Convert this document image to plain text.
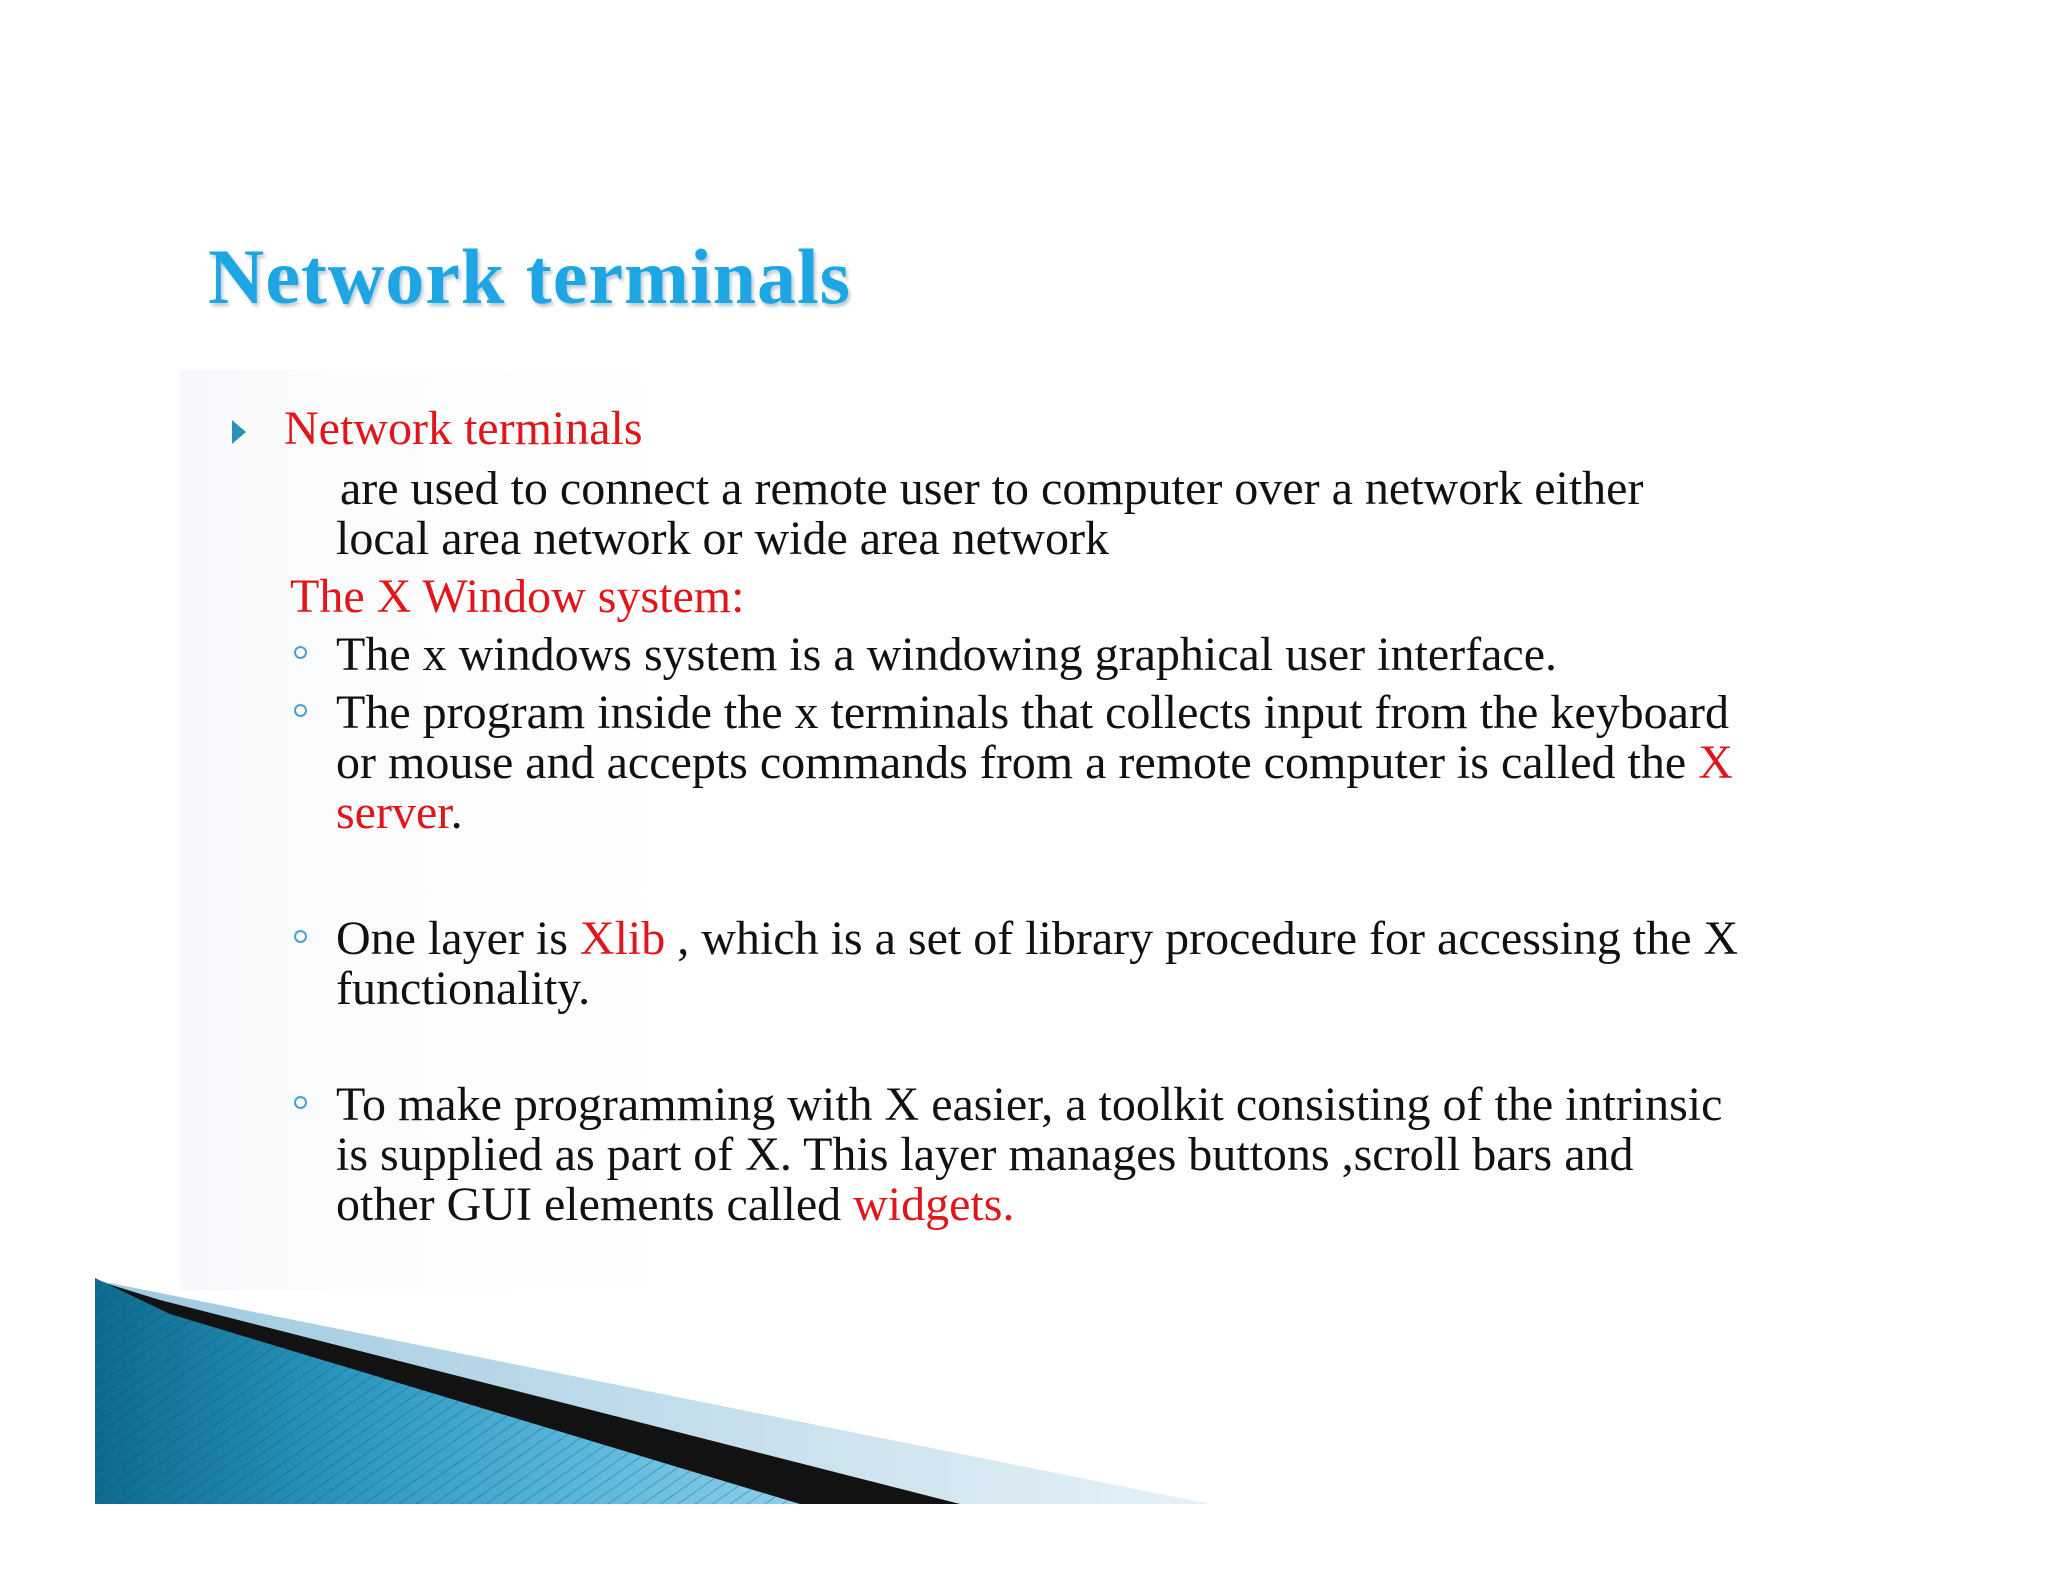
Network terminals

Network terminals

are used to connect a remote user to computer over a network either

local area network or wide area network

The X Window system:

The x windows system is a windowing graphical user interface.

The program inside the x terminals that collects input from the keyboard

or mouse and accepts commands from a remote computer is called the X

server.

One layer is Xlib , which is a set of library procedure for accessing the X

functionality.

To make programming with X easier, a toolkit consisting of the intrinsic

is supplied as part of X. This layer manages buttons ,scroll bars and

other GUI elements called widgets.
